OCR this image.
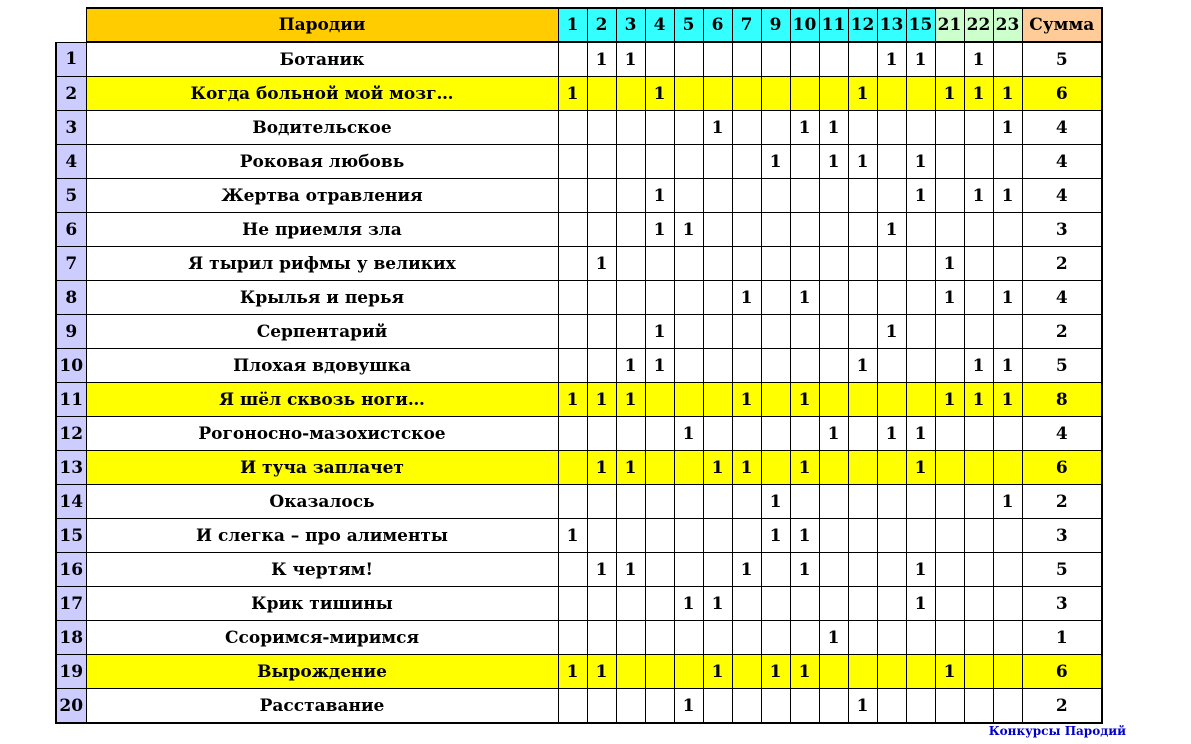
	Пародии	1	2	3	4	5	6	7	9	10	11	12	13	15	21	22	23	Сумма
1	Ботаник		1	1									1	1		1		5
2	Когда больной мой мозг…	1			1							1			1	1	1	6
3	Водительское						1			1	1						1	4
4	Роковая любовь								1		1	1		1				4
5	Жертва отравления				1									1		1	1	4
6	Не приемля зла				1	1							1					3
7	Я тырил рифмы у великих		1												1			2
8	Крылья и перья							1		1					1		1	4
9	Серпентарий				1								1					2
10	Плохая вдовушка			1	1							1				1	1	5
11	Я шёл сквозь ноги…	1	1	1				1		1					1	1	1	8
12	Рогоносно-мазохистское					1					1		1	1				4
13	И туча заплачет		1	1			1	1		1				1				6
14	Оказалось								1								1	2
15	И слегка – про алименты	1							1	1								3
16	К чертям!		1	1				1		1				1				5
17	Крик тишины					1	1							1				3
18	Ссоримся-миримся										1							1
19	Вырождение	1	1				1		1	1					1			6
20	Расставание					1						1						2
Конкурсы Пародий
